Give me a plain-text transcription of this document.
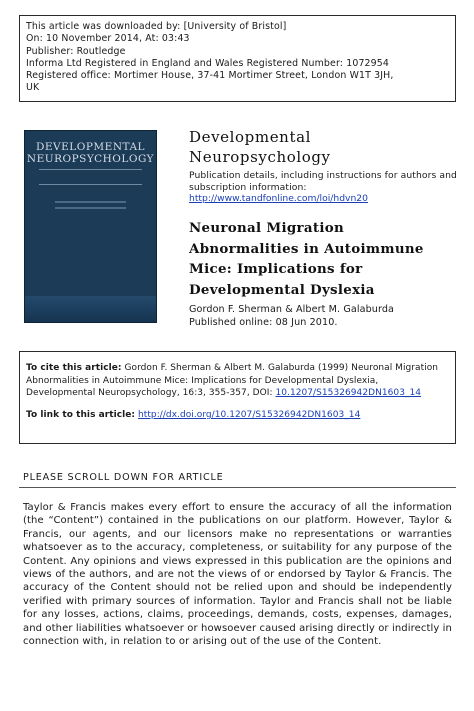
This article was downloaded by: [University of Bristol]
On: 10 November 2014, At: 03:43
Publisher: Routledge
Informa Ltd Registered in England and Wales Registered Number: 1072954
Registered office: Mortimer House, 37-41 Mortimer Street, London W1T 3JH,
UK
DEVELOPMENTAL
NEUROPSYCHOLOGY
Developmental
Neuropsychology
Publication details, including instructions for authors and subscription information:
http://www.tandfonline.com/loi/hdvn20
Neuronal Migration
Abnormalities in Autoimmune
Mice: Implications for
Developmental Dyslexia
Gordon F. Sherman & Albert M. Galaburda
Published online: 08 Jun 2010.
To cite this article: Gordon F. Sherman & Albert M. Galaburda (1999) Neuronal Migration Abnormalities in Autoimmune Mice: Implications for Developmental Dyslexia, Developmental Neuropsychology, 16:3, 355-357, DOI: 10.1207/S15326942DN1603_14
To link to this article: http://dx.doi.org/10.1207/S15326942DN1603_14
PLEASE SCROLL DOWN FOR ARTICLE
Taylor & Francis makes every effort to ensure the accuracy of all the information (the “Content”) contained in the publications on our platform. However, Taylor & Francis, our agents, and our licensors make no representations or warranties whatsoever as to the accuracy, completeness, or suitability for any purpose of the Content. Any opinions and views expressed in this publication are the opinions and views of the authors, and are not the views of or endorsed by Taylor & Francis. The accuracy of the Content should not be relied upon and should be independently verified with primary sources of information. Taylor and Francis shall not be liable for any losses, actions, claims, proceedings, demands, costs, expenses, damages, and other liabilities whatsoever or howsoever caused arising directly or indirectly in connection with, in relation to or arising out of the use of the Content.
